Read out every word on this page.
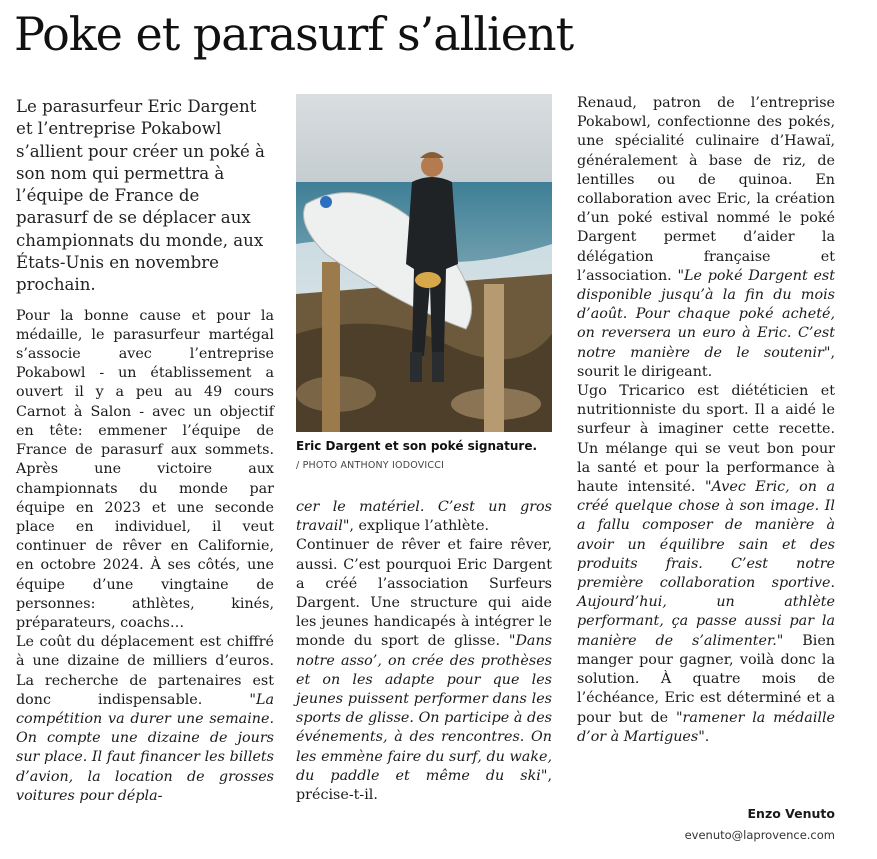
Poke et parasurf s’allient

Le parasurfeur Eric Dargent et l’entreprise Pokabowl s’allient pour créer un poké à son nom qui permettra à l’équipe de France de parasurf de se déplacer aux championnats du monde, aux États-Unis en novembre prochain.

Pour la bonne cause et pour la médaille, le parasurfeur martégal s’associe avec l’entreprise Pokabowl - un établissement a ouvert il y a peu au 49 cours Carnot à Salon - avec un objectif en tête: emmener l’équipe de France de parasurf aux sommets. Après une victoire aux championnats du monde par équipe en 2023 et une seconde place en individuel, il veut continuer de rêver en Californie, en octobre 2024. À ses côtés, une équipe d’une vingtaine de personnes: athlètes, kinés, préparateurs, coachs…

Le coût du déplacement est chiffré à une dizaine de milliers d’euros. La recherche de partenaires est donc indispensable. "La compétition va durer une semaine. On compte une dizaine de jours sur place. Il faut financer les billets d’avion, la location de grosses voitures pour dépla-

Eric Dargent et son poké signature.

/ PHOTO ANTHONY IODOVICCI

cer le matériel. C’est un gros travail", explique l’athlète.

Continuer de rêver et faire rêver, aussi. C’est pourquoi Eric Dargent a créé l’association Surfeurs Dargent. Une structure qui aide les jeunes handicapés à intégrer le monde du sport de glisse. "Dans notre asso’, on crée des prothèses et on les adapte pour que les jeunes puissent performer dans les sports de glisse. On participe à des événements, à des rencontres. On les emmène faire du surf, du wake, du paddle et même du ski", précise-t-il.

Renaud, patron de l’entreprise Pokabowl, confectionne des pokés, une spécialité culinaire d’Hawaï, généralement à base de riz, de lentilles ou de quinoa. En collaboration avec Eric, la création d’un poké estival nommé le poké Dargent permet d’aider la délégation française et l’association. "Le poké Dargent est disponible jusqu’à la fin du mois d’août. Pour chaque poké acheté, on reversera un euro à Eric. C’est notre manière de le soutenir", sourit le dirigeant.

Ugo Tricarico est diététicien et nutritionniste du sport. Il a aidé le surfeur à imaginer cette recette. Un mélange qui se veut bon pour la santé et pour la performance à haute intensité. "Avec Eric, on a créé quelque chose à son image. Il a fallu composer de manière à avoir un équilibre sain et des produits frais. C’est notre première collaboration sportive. Aujourd’hui, un athlète performant, ça passe aussi par la manière de s’alimenter." Bien manger pour gagner, voilà donc la solution. À quatre mois de l’échéance, Eric est déterminé et a pour but de "ramener la médaille d’or à Martigues".

Enzo Venuto

evenuto@laprovence.com
